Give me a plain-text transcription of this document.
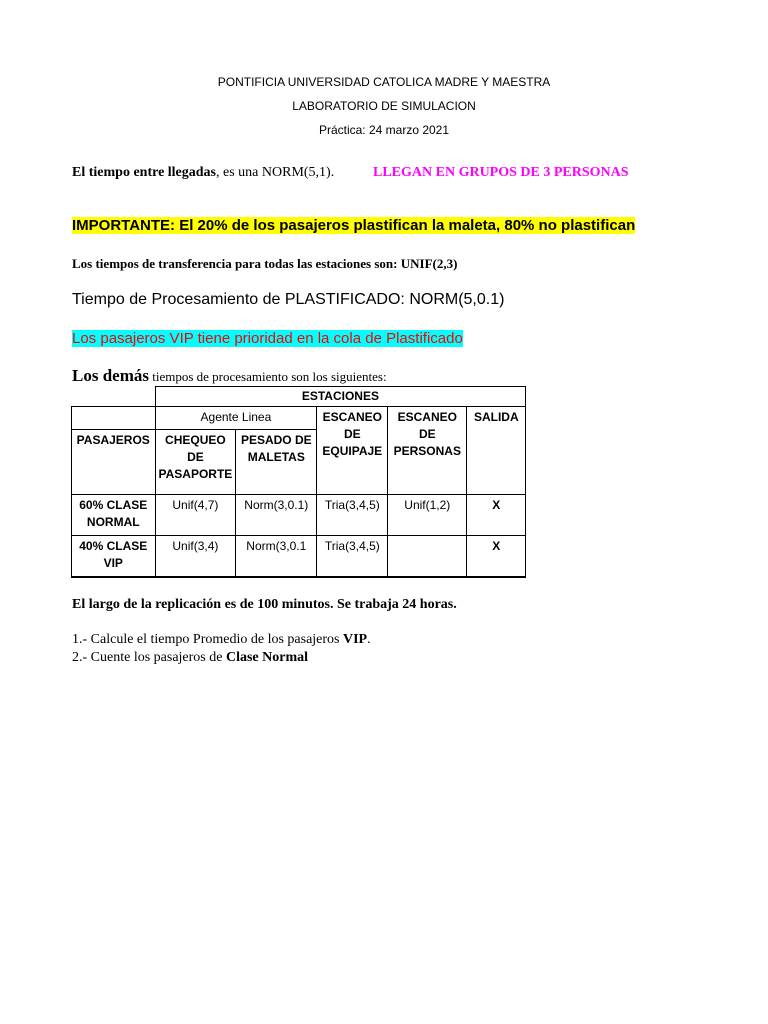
PONTIFICIA UNIVERSIDAD CATOLICA MADRE Y MAESTRA
LABORATORIO DE SIMULACION
Práctica: 24 marzo 2021
El tiempo entre llegadas, es una NORM(5,1).	LLEGAN EN GRUPOS DE 3 PERSONAS
IMPORTANTE: El 20% de los pasajeros plastifican la maleta, 80% no plastifican
Los tiempos de transferencia para todas las estaciones son: UNIF(2,3)
Tiempo de Procesamiento de PLASTIFICADO: NORM(5,0.1)
Los pasajeros VIP tiene prioridad en la cola de Plastificado
Los demás tiempos de procesamiento son los siguientes:
	ESTACIONES				
	Agente Linea		ESCANEO DE EQUIPAJE	ESCANEO DE PERSONAS	SALIDA
PASAJEROS	CHEQUEO DE PASAPORTE	PESADO DE MALETAS			
60% CLASE NORMAL	Unif(4,7)	Norm(3,0.1)	Tria(3,4,5)	Unif(1,2)	X
40% CLASE VIP	Unif(3,4)	Norm(3,0.1	Tria(3,4,5)		X
El largo de la replicación es de 100 minutos. Se trabaja 24 horas.
1.- Calcule el tiempo Promedio de los pasajeros VIP.
2.- Cuente los pasajeros de Clase Normal
